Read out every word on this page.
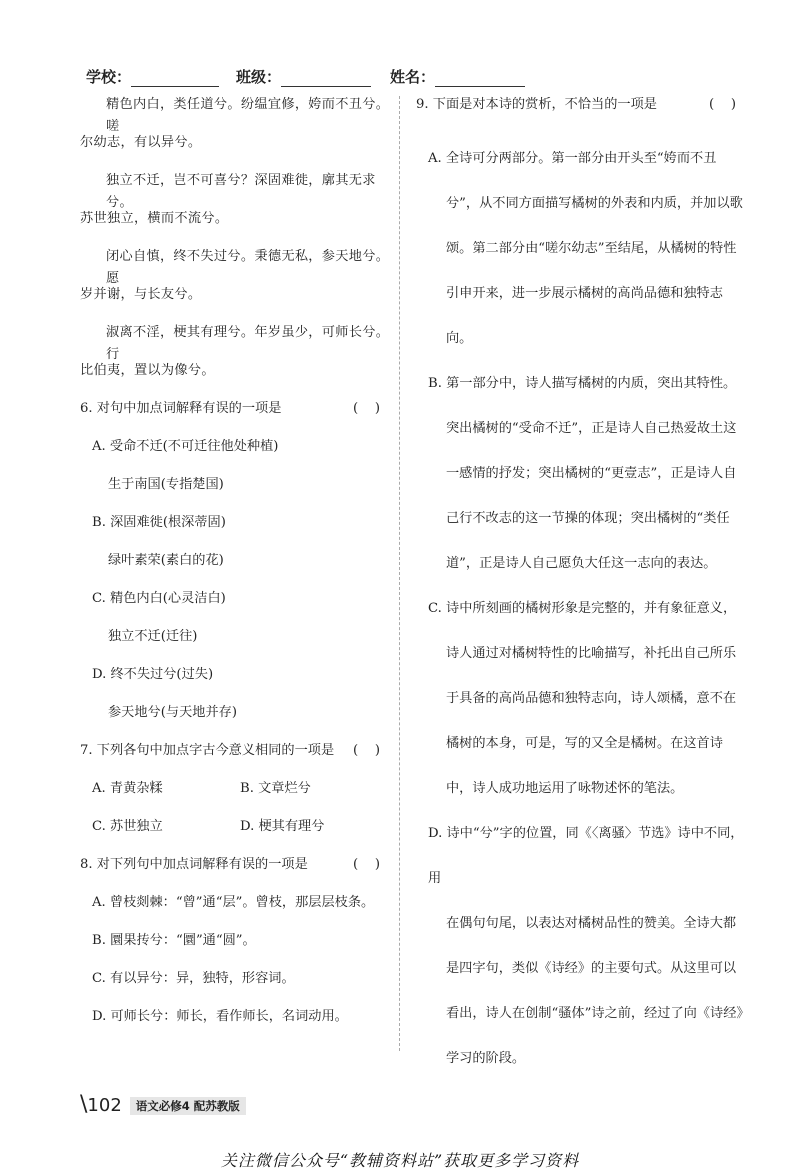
学校：	班级：	姓名：

精色内白，类任道兮。纷缊宜修，姱而不丑兮。嗟

尔幼志，有以异兮。

独立不迁，岂不可喜兮？深固难徙，廓其无求兮。

苏世独立，横而不流兮。

闭心自慎，终不失过兮。秉德无私，参天地兮。愿

岁并谢，与长友兮。

淑离不淫，梗其有理兮。年岁虽少，可师长兮。行

比伯夷，置以为像兮。

6. 对句中加点词解释有误的一项是	(    )
A. 受命不迁(不可迁往他处种植)
生于南国(专指楚国)
B. 深固难徙(根深蒂固)
绿叶素荣(素白的花)
C. 精色内白(心灵洁白)
独立不迁(迁往)
D. 终不失过兮(过失)
参天地兮(与天地并存)
7. 下列各句中加点字古今意义相同的一项是 (    )
A. 青黄杂糅	B. 文章烂兮
C. 苏世独立	D. 梗其有理兮
8. 对下列句中加点词解释有误的一项是	(    )
A. 曾枝剡棘：“曾”通“层”。曾枝，那层层枝条。
B. 圜果抟兮：“圜”通“圆”。
C. 有以异兮：异，独特，形容词。
D. 可师长兮：师长，看作师长，名词动用。
9. 下面是对本诗的赏析，不恰当的一项是	(    )
A. 全诗可分两部分。第一部分由开头至“姱而不丑
兮”，从不同方面描写橘树的外表和内质，并加以歌颂。第二部分由“嗟尔幼志”至结尾，从橘树的特性引申开来，进一步展示橘树的高尚品德和独特志向。
B. 第一部分中，诗人描写橘树的内质，突出其特性。
突出橘树的“受命不迁”，正是诗人自己热爱故土这一感情的抒发；突出橘树的“更壹志”，正是诗人自己行不改志的这一节操的体现；突出橘树的“类任道”，正是诗人自己愿负大任这一志向的表达。
C. 诗中所刻画的橘树形象是完整的，并有象征意义，
诗人通过对橘树特性的比喻描写，补托出自己所乐于具备的高尚品德和独特志向，诗人颂橘，意不在橘树的本身，可是，写的又全是橘树。在这首诗中，诗人成功地运用了咏物述怀的笔法。
D. 诗中“兮”字的位置，同《〈离骚〉节选》诗中不同，用
在偶句句尾，以表达对橘树品性的赞美。全诗大都是四字句，类似《诗经》的主要句式。从这里可以看出，诗人在创制“骚体”诗之前，经过了向《诗经》学习的阶段。
\102 语文必修4 配苏教版
关注微信公众号“教辅资料站”获取更多学习资料
